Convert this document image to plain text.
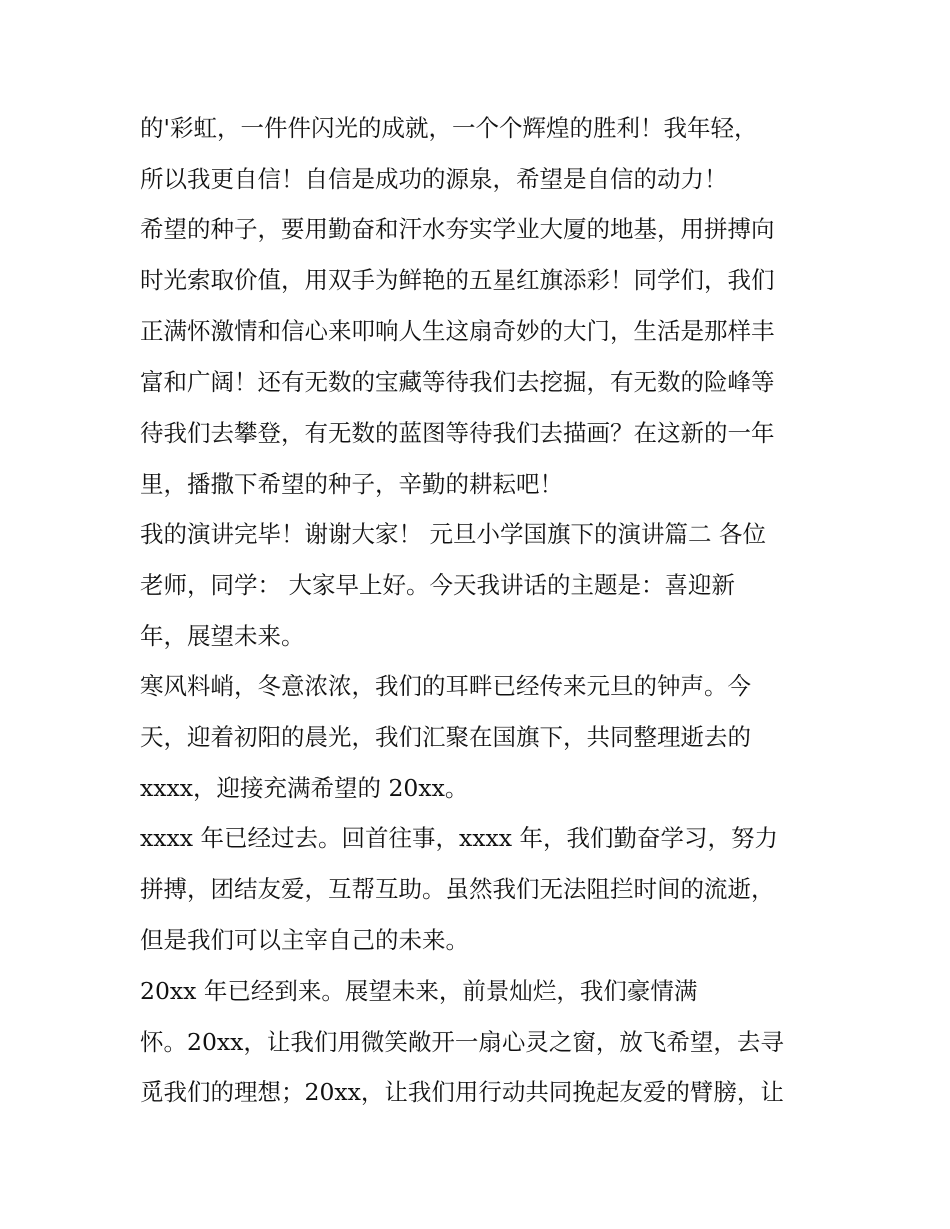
的'彩虹，一件件闪光的成就，一个个辉煌的胜利！我年轻，
所以我更自信！自信是成功的源泉，希望是自信的动力！
希望的种子，要用勤奋和汗水夯实学业大厦的地基，用拼搏向
时光索取价值，用双手为鲜艳的五星红旗添彩！同学们，我们
正满怀激情和信心来叩响人生这扇奇妙的大门，生活是那样丰
富和广阔！还有无数的宝藏等待我们去挖掘，有无数的险峰等
待我们去攀登，有无数的蓝图等待我们去描画？在这新的一年
里，播撒下希望的种子，辛勤的耕耘吧！
我的演讲完毕！谢谢大家！ 元旦小学国旗下的演讲篇二 各位
老师，同学： 大家早上好。今天我讲话的主题是：喜迎新
年，展望未来。
寒风料峭，冬意浓浓，我们的耳畔已经传来元旦的钟声。今
天，迎着初阳的晨光，我们汇聚在国旗下，共同整理逝去的
xxxx，迎接充满希望的 20xx。
xxxx 年已经过去。回首往事，xxxx 年，我们勤奋学习，努力
拼搏，团结友爱，互帮互助。虽然我们无法阻拦时间的流逝，
但是我们可以主宰自己的未来。
20xx 年已经到来。展望未来，前景灿烂，我们豪情满
怀。20xx，让我们用微笑敞开一扇心灵之窗，放飞希望，去寻
觅我们的理想；20xx，让我们用行动共同挽起友爱的臂膀，让
